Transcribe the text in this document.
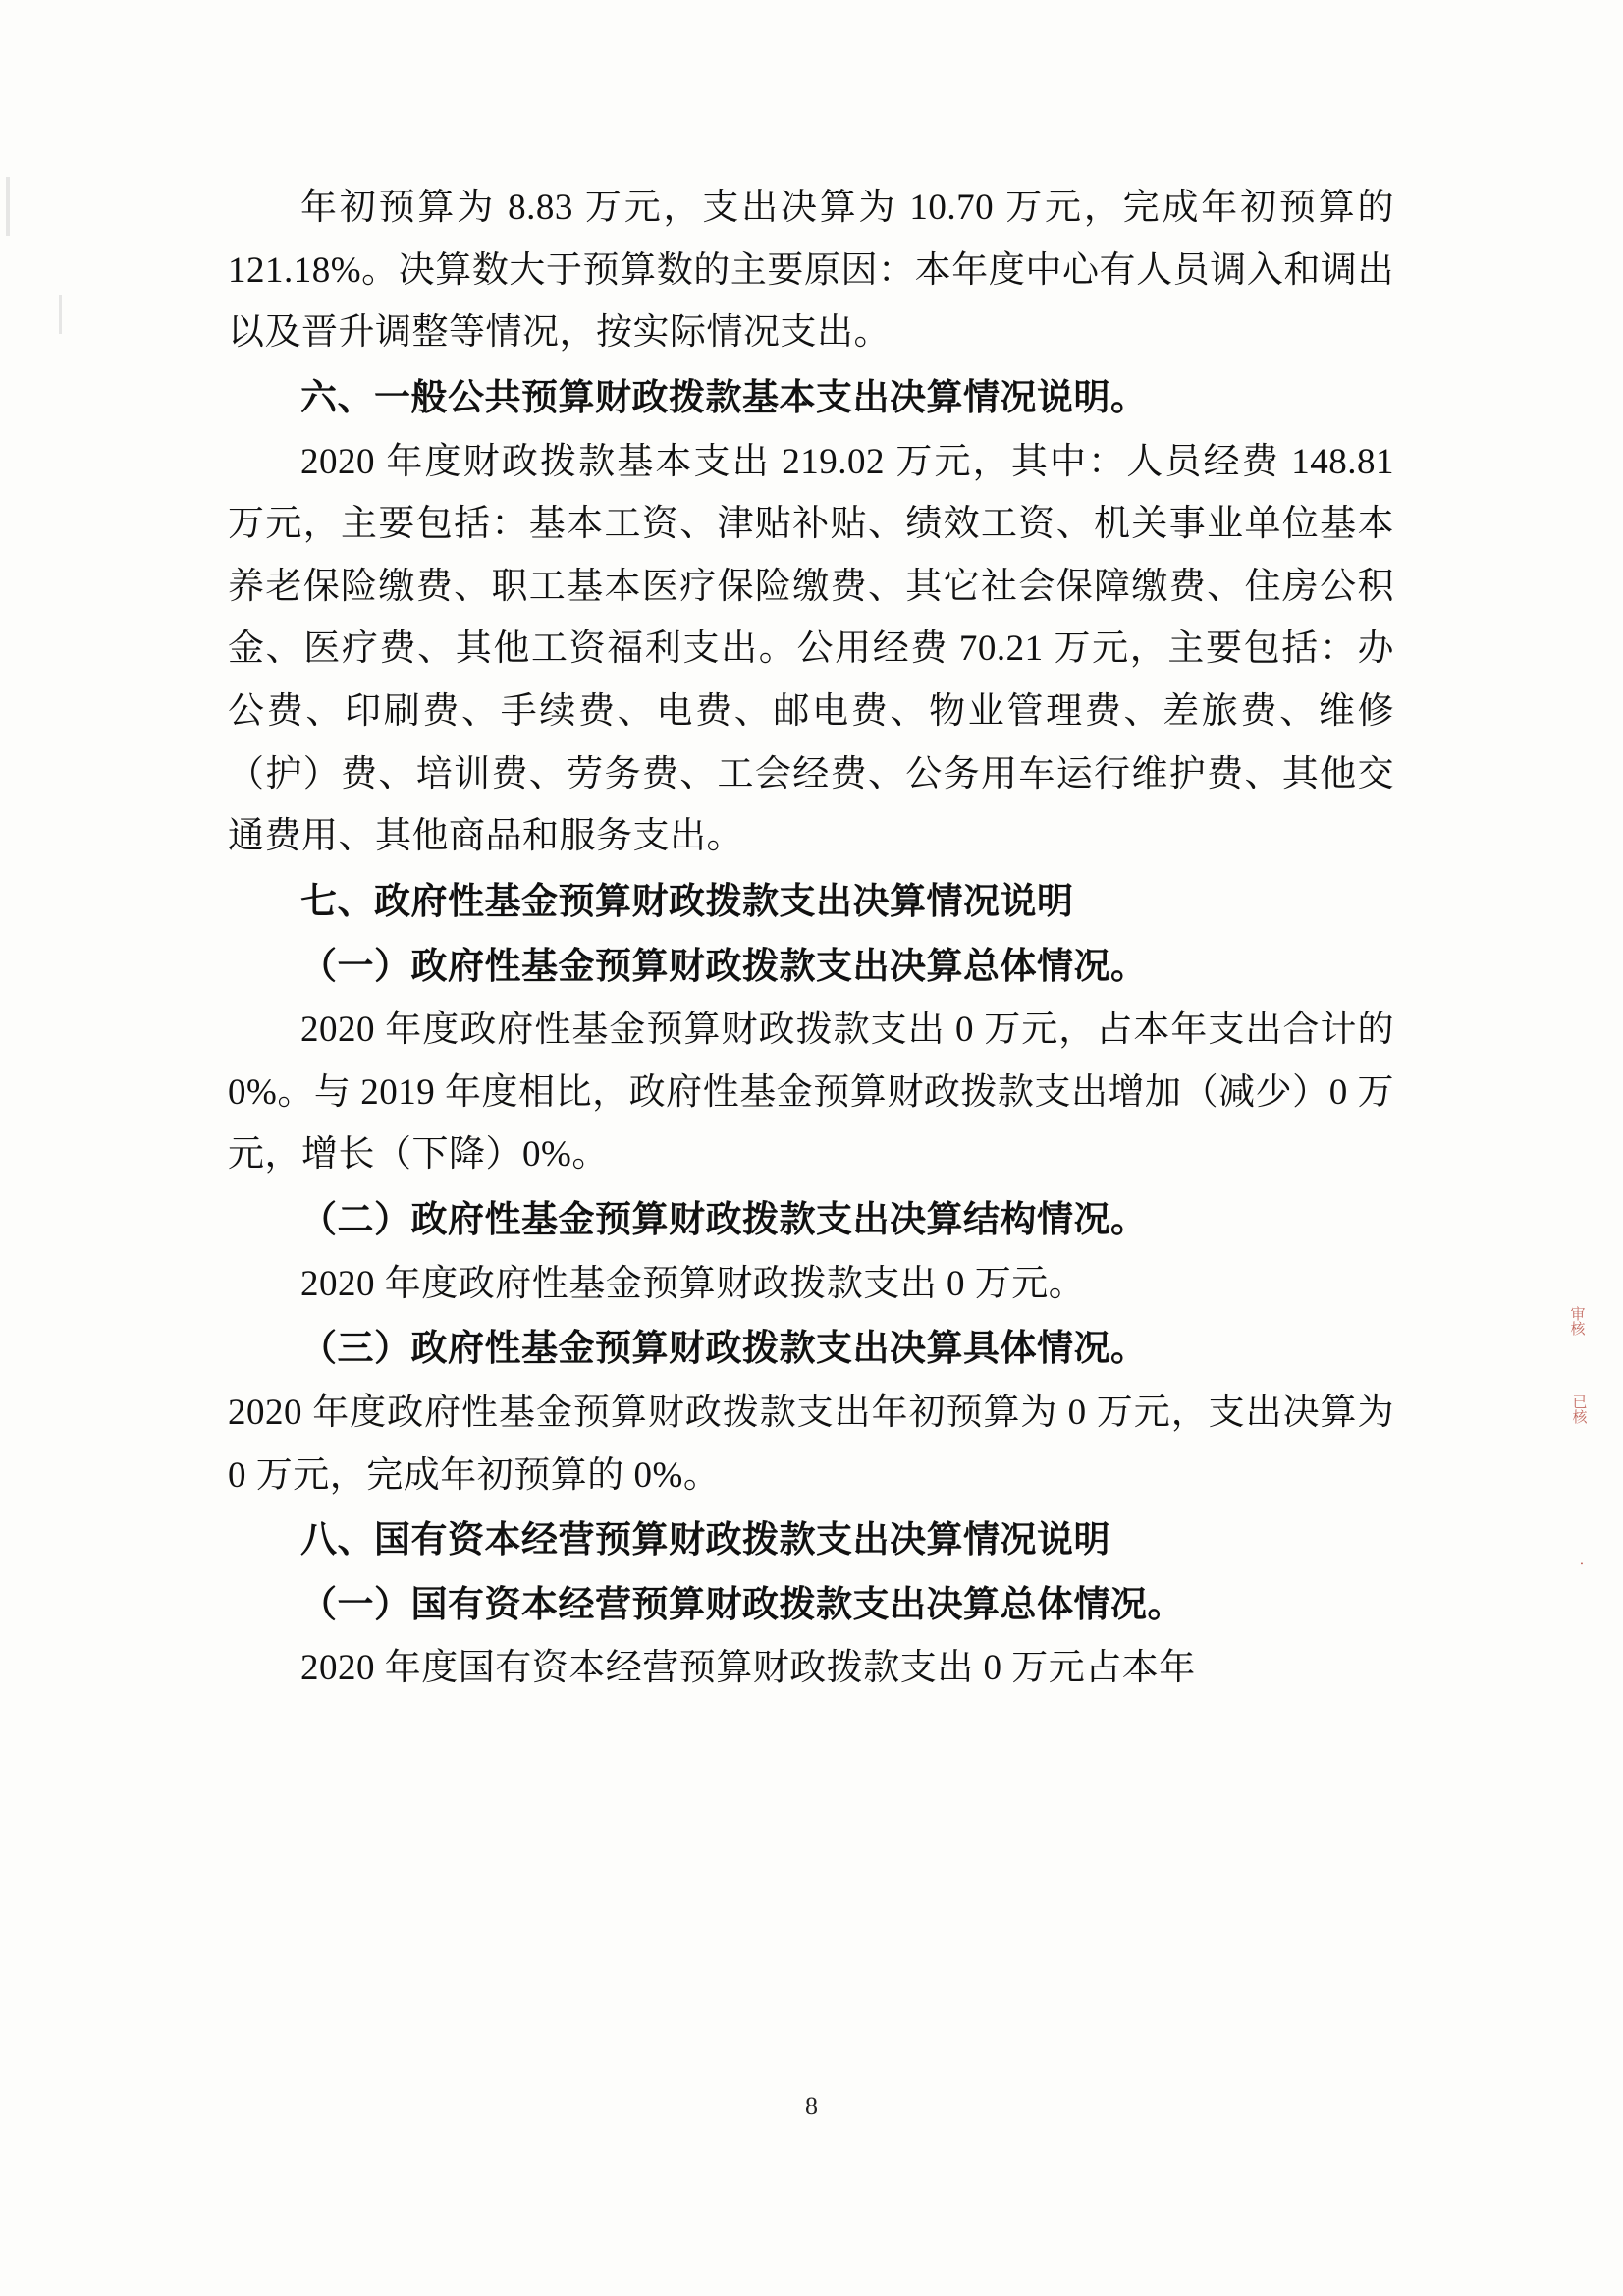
年初预算为 8.83 万元，支出决算为 10.70 万元，完成年初预算的 121.18%。决算数大于预算数的主要原因：本年度中心有人员调入和调出以及晋升调整等情况，按实际情况支出。

六、一般公共预算财政拨款基本支出决算情况说明。

2020 年度财政拨款基本支出 219.02 万元，其中：人员经费 148.81 万元，主要包括：基本工资、津贴补贴、绩效工资、机关事业单位基本养老保险缴费、职工基本医疗保险缴费、其它社会保障缴费、住房公积金、医疗费、其他工资福利支出。公用经费 70.21 万元，主要包括：办公费、印刷费、手续费、电费、邮电费、物业管理费、差旅费、维修（护）费、培训费、劳务费、工会经费、公务用车运行维护费、其他交通费用、其他商品和服务支出。

七、政府性基金预算财政拨款支出决算情况说明
（一）政府性基金预算财政拨款支出决算总体情况。

2020 年度政府性基金预算财政拨款支出 0 万元，占本年支出合计的 0%。与 2019 年度相比，政府性基金预算财政拨款支出增加（减少）0 万元，增长（下降）0%。

（二）政府性基金预算财政拨款支出决算结构情况。

2020 年度政府性基金预算财政拨款支出 0 万元。

（三）政府性基金预算财政拨款支出决算具体情况。

2020 年度政府性基金预算财政拨款支出年初预算为 0 万元，支出决算为 0 万元，完成年初预算的 0%。

八、国有资本经营预算财政拨款支出决算情况说明
（一）国有资本经营预算财政拨款支出决算总体情况。

2020 年度国有资本经营预算财政拨款支出 0 万元占本年

审核
已核
·
8
